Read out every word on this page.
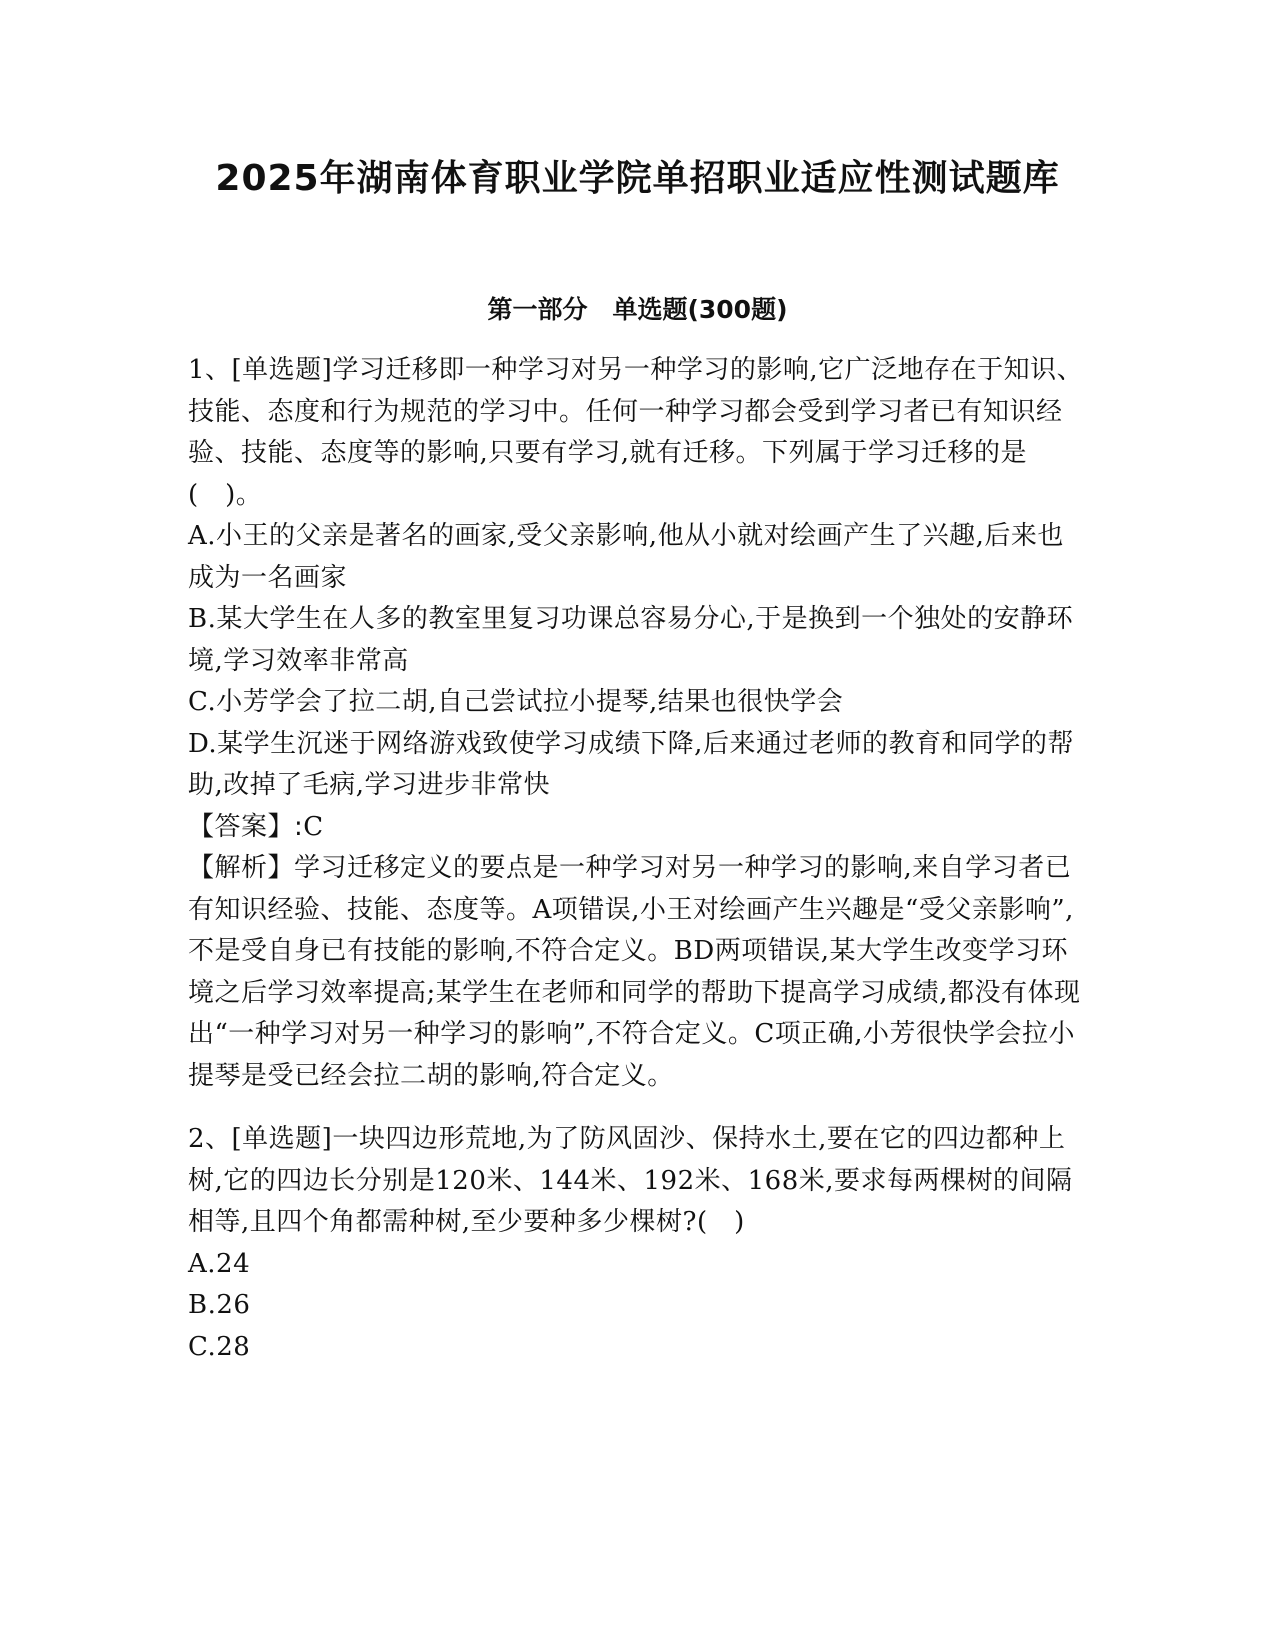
2025年湖南体育职业学院单招职业适应性测试题库
第一部分　单选题(300题)

1、[单选题]学习迁移即一种学习对另一种学习的影响,它广泛地存在于知识、技能、态度和行为规范的学习中。任何一种学习都会受到学习者已有知识经验、技能、态度等的影响,只要有学习,就有迁移。下列属于学习迁移的是(　)。

A.小王的父亲是著名的画家,受父亲影响,他从小就对绘画产生了兴趣,后来也成为一名画家

B.某大学生在人多的教室里复习功课总容易分心,于是换到一个独处的安静环境,学习效率非常高

C.小芳学会了拉二胡,自己尝试拉小提琴,结果也很快学会

D.某学生沉迷于网络游戏致使学习成绩下降,后来通过老师的教育和同学的帮助,改掉了毛病,学习进步非常快

【答案】:C

【解析】学习迁移定义的要点是一种学习对另一种学习的影响,来自学习者已有知识经验、技能、态度等。A项错误,小王对绘画产生兴趣是“受父亲影响”,不是受自身已有技能的影响,不符合定义。BD两项错误,某大学生改变学习环境之后学习效率提高;某学生在老师和同学的帮助下提高学习成绩,都没有体现出“一种学习对另一种学习的影响”,不符合定义。C项正确,小芳很快学会拉小提琴是受已经会拉二胡的影响,符合定义。

2、[单选题]一块四边形荒地,为了防风固沙、保持水土,要在它的四边都种上树,它的四边长分别是120米、144米、192米、168米,要求每两棵树的间隔相等,且四个角都需种树,至少要种多少棵树?(　)

A.24

B.26

C.28
